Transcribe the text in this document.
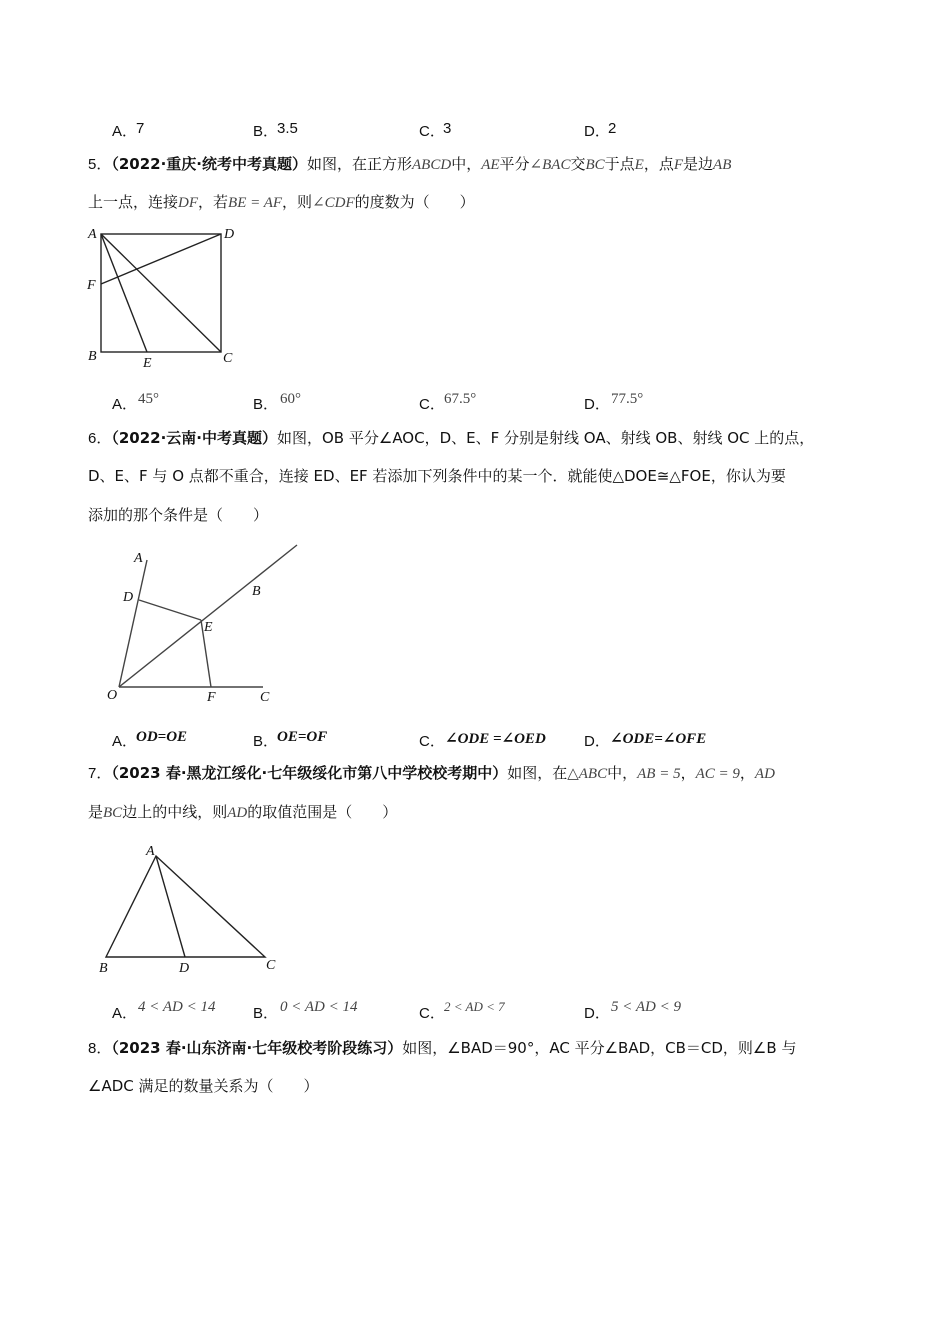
A．
7	B．
3.5	C．
3	D．
2
5．（2022·重庆·统考中考真题）如图，在正方形ABCD中，AE平分∠BAC交BC于点E，点F是边AB
上一点，连接DF，若BE = AF，则∠CDF的度数为（　　）
A	D
F
B	E	C
A． 45°	B． 60°	C． 67.5°	D． 77.5°
6．（2022·云南·中考真题）如图，OB 平分∠AOC，D、E、F 分别是射线 OA、射线 OB、射线 OC 上的点，
D、E、F 与 O 点都不重合，连接 ED、EF 若添加下列条件中的某一个．就能使△DOE≅△FOE，你认为要
添加的那个条件是（　　）
A
D	B
E
O	F	C
A．
OD=OE	B．
OE=OF	C． ∠ODE =∠OED	D． ∠ODE=∠OFE
7．（2023 春·黑龙江绥化·七年级绥化市第八中学校校考期中）如图，在△ABC中，AB = 5，AC = 9，AD
是BC边上的中线，则AD的取值范围是（　　）
A
B	D	C
A． 4 < AD < 14	B． 0 < AD < 14	C． 2 < AD < 7	D． 5 < AD < 9
8．（2023 春·山东济南·七年级校考阶段练习）如图，∠BAD＝90°，AC 平分∠BAD，CB＝CD，则∠B 与
∠ADC 满足的数量关系为（　　）
